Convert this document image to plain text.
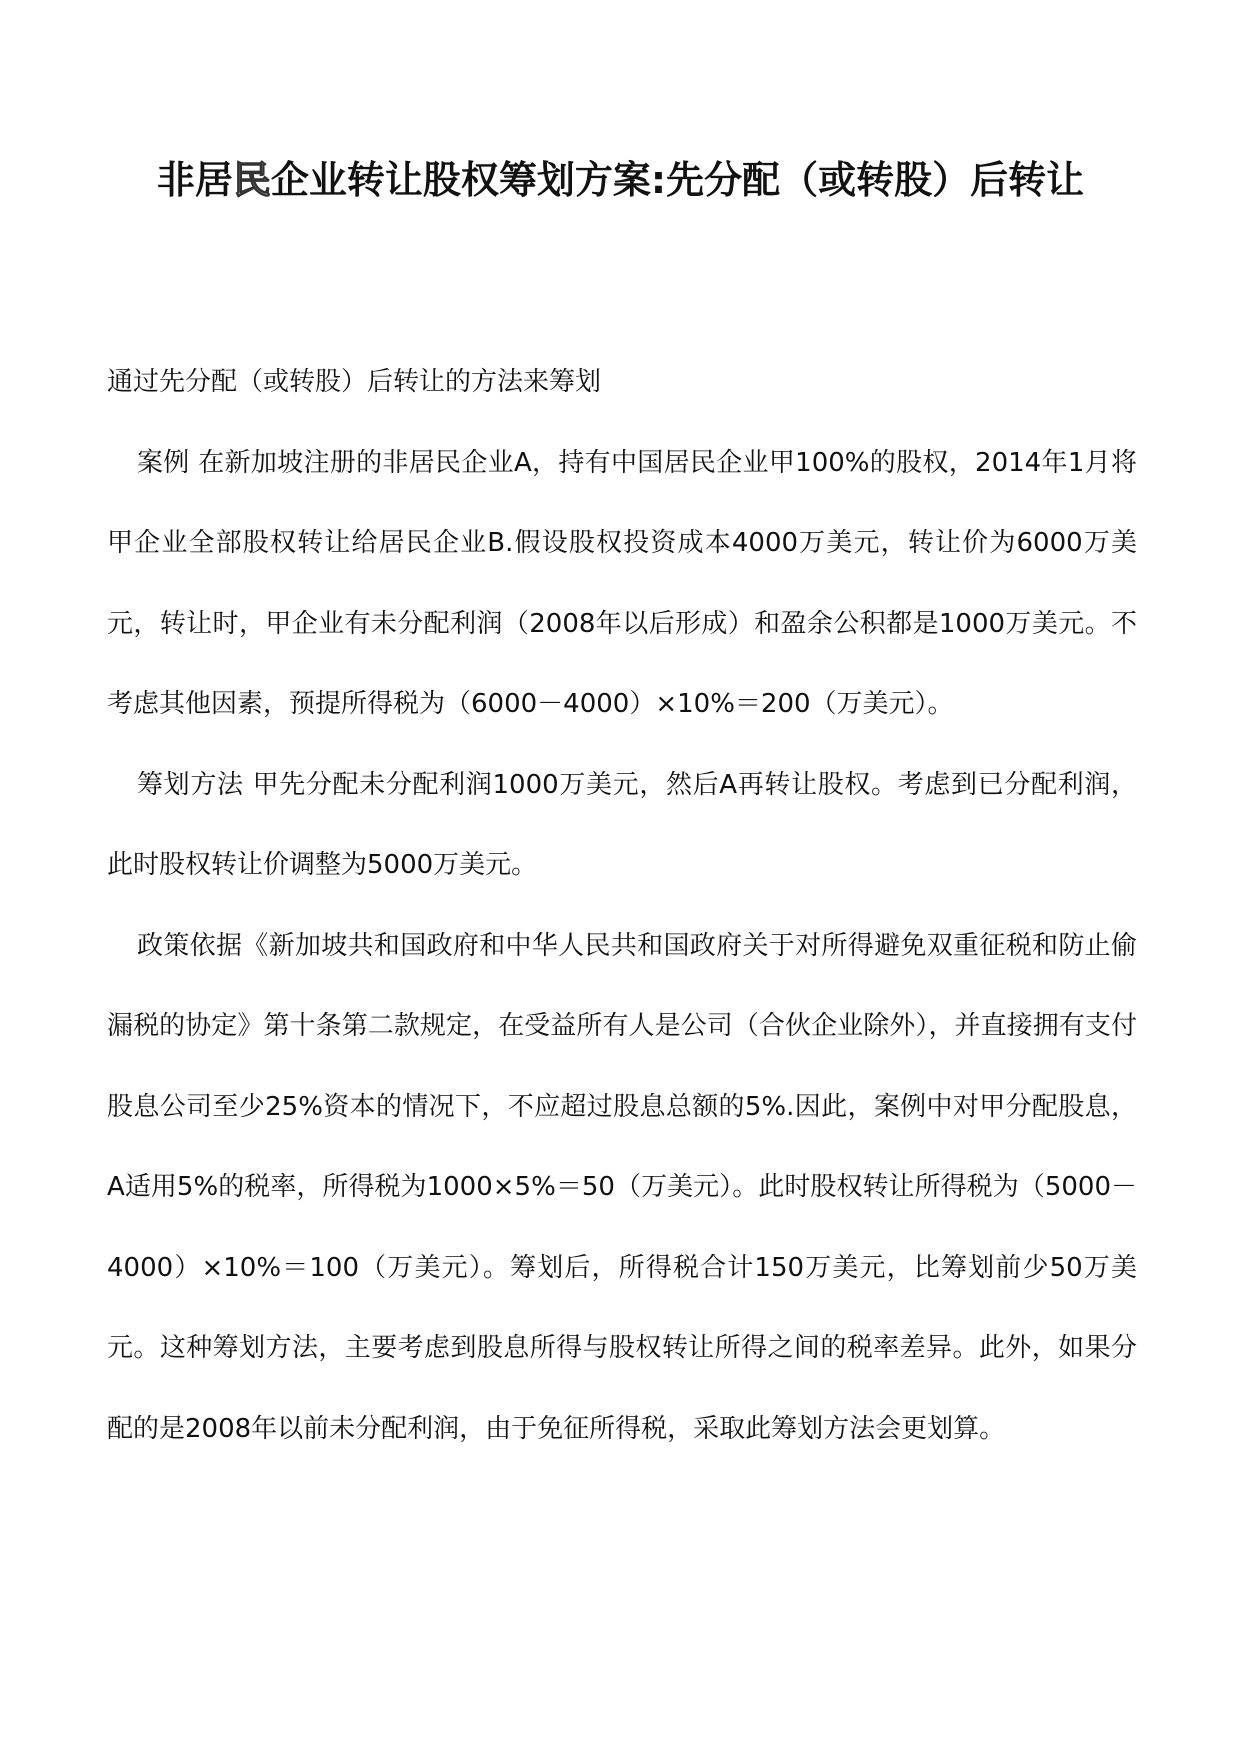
非居民企业转让股权筹划方案:先分配（或转股）后转让

通过先分配（或转股）后转让的方法来筹划

案例 在新加坡注册的非居民企业A，持有中国居民企业甲100%的股权，2014年1月将甲企业全部股权转让给居民企业B.假设股权投资成本4000万美元，转让价为6000万美元，转让时，甲企业有未分配利润（2008年以后形成）和盈余公积都是1000万美元。不考虑其他因素，预提所得税为（6000－4000）×10%＝200（万美元）。

筹划方法 甲先分配未分配利润1000万美元，然后A再转让股权。考虑到已分配利润，此时股权转让价调整为5000万美元。

政策依据《新加坡共和国政府和中华人民共和国政府关于对所得避免双重征税和防止偷漏税的协定》第十条第二款规定，在受益所有人是公司（合伙企业除外），并直接拥有支付股息公司至少25%资本的情况下，不应超过股息总额的5%.因此，案例中对甲分配股息，A适用5%的税率，所得税为1000×5%＝50（万美元）。此时股权转让所得税为（5000－4000）×10%＝100（万美元）。筹划后，所得税合计150万美元，比筹划前少50万美元。这种筹划方法，主要考虑到股息所得与股权转让所得之间的税率差异。此外，如果分配的是2008年以前未分配利润，由于免征所得税，采取此筹划方法会更划算。
